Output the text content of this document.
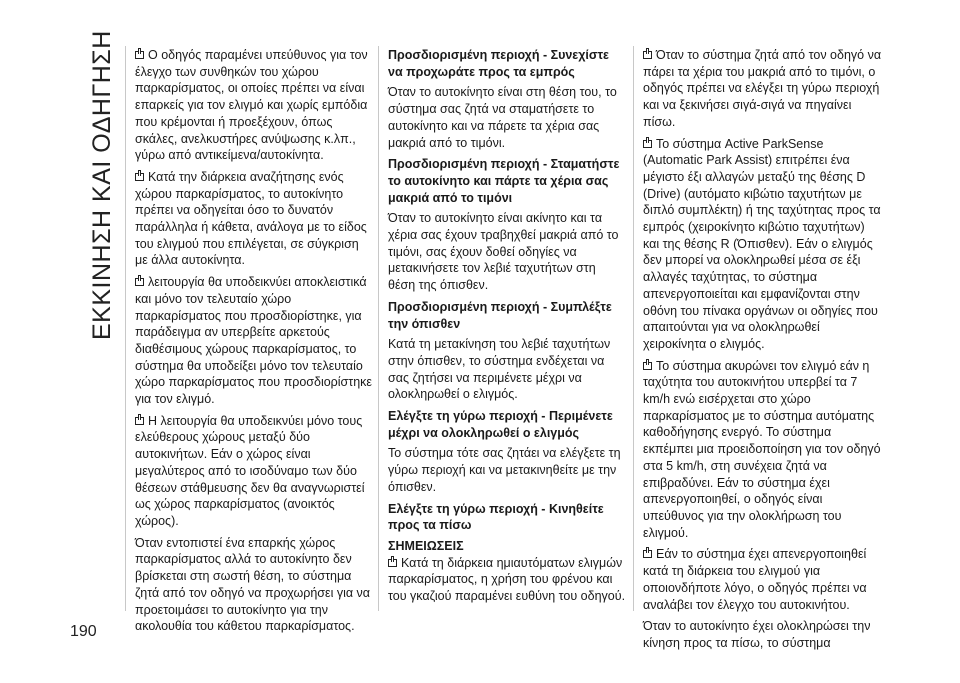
ΕΚΚΙΝΗΣΗ ΚΑΙ ΟΔΗΓΗΣΗ
190

Ο οδηγός παραμένει υπεύθυνος για τον έλεγχο των συνθηκών του χώρου παρκαρίσματος, οι οποίες πρέπει να είναι επαρκείς για τον ελιγμό και χωρίς εμπόδια που κρέμονται ή προεξέχουν, όπως σκάλες, ανελκυστήρες ανύψωσης κ.λπ., γύρω από αντικείμενα/αυτοκίνητα.

Κατά την διάρκεια αναζήτησης ενός χώρου παρκαρίσματος, το αυτοκίνητο πρέπει να οδηγείται όσο το δυνατόν παράλληλα ή κάθετα, ανάλογα με το είδος του ελιγμού που επιλέγεται, σε σύγκριση με άλλα αυτοκίνητα.

λειτουργία θα υποδεικνύει αποκλειστικά και μόνο τον τελευταίο χώρο παρκαρίσματος που προσδιορίστηκε, για παράδειγμα αν υπερβείτε αρκετούς διαθέσιμους χώρους παρκαρίσματος, το σύστημα θα υποδείξει μόνο τον τελευταίο χώρο παρκαρίσματος που προσδιορίστηκε για τον ελιγμό.

Η λειτουργία θα υποδεικνύει μόνο τους ελεύθερους χώρους μεταξύ δύο αυτοκινήτων. Εάν ο χώρος είναι μεγαλύτερος από το ισοδύναμο των δύο θέσεων στάθμευσης δεν θα αναγνωριστεί ως χώρος παρκαρίσματος (ανοικτός χώρος).

Όταν εντοπιστεί ένα επαρκής χώρος παρκαρίσματος αλλά το αυτοκίνητο δεν βρίσκεται στη σωστή θέση, το σύστημα ζητά από τον οδηγό να προχωρήσει για να προετοιμάσει το αυτοκίνητο για την ακολουθία του κάθετου παρκαρίσματος.

Προσδιορισμένη περιοχή - Συνεχίστε να προχωράτε προς τα εμπρός

Όταν το αυτοκίνητο είναι στη θέση του, το σύστημα σας ζητά να σταματήσετε το αυτοκίνητο και να πάρετε τα χέρια σας μακριά από το τιμόνι.

Προσδιορισμένη περιοχή - Σταματήστε το αυτοκίνητο και πάρτε τα χέρια σας μακριά από το τιμόνι

Όταν το αυτοκίνητο είναι ακίνητο και τα χέρια σας έχουν τραβηχθεί μακριά από το τιμόνι, σας έχουν δοθεί οδηγίες να μετακινήσετε τον λεβιέ ταχυτήτων στη θέση της όπισθεν.

Προσδιορισμένη περιοχή - Συμπλέξτε την όπισθεν

Κατά τη μετακίνηση του λεβιέ ταχυτήτων στην όπισθεν, το σύστημα ενδέχεται να σας ζητήσει να περιμένετε μέχρι να ολοκληρωθεί ο ελιγμός.

Ελέγξτε τη γύρω περιοχή - Περιμένετε μέχρι να ολοκληρωθεί ο ελιγμός

Το σύστημα τότε σας ζητάει να ελέγξετε τη γύρω περιοχή και να μετακινηθείτε με την όπισθεν.

Ελέγξτε τη γύρω περιοχή - Κινηθείτε προς τα πίσω
ΣΗΜΕΙΩΣΕΙΣ

Κατά τη διάρκεια ημιαυτόματων ελιγμών παρκαρίσματος, η χρήση του φρένου και του γκαζιού παραμένει ευθύνη του οδηγού.

Όταν το σύστημα ζητά από τον οδηγό να πάρει τα χέρια του μακριά από το τιμόνι, ο οδηγός πρέπει να ελέγξει τη γύρω περιοχή και να ξεκινήσει σιγά-σιγά να πηγαίνει πίσω.

Το σύστημα Active ParkSense (Automatic Park Assist) επιτρέπει ένα μέγιστο έξι αλλαγών μεταξύ της θέσης D (Drive) (αυτόματο κιβώτιο ταχυτήτων με διπλό συμπλέκτη) ή της ταχύτητας προς τα εμπρός (χειροκίνητο κιβώτιο ταχυτήτων) και της θέσης R (Όπισθεν). Εάν ο ελιγμός δεν μπορεί να ολοκληρωθεί μέσα σε έξι αλλαγές ταχύτητας, το σύστημα απενεργοποιείται και εμφανίζονται στην οθόνη του πίνακα οργάνων οι οδηγίες που απαιτούνται για να ολοκληρωθεί χειροκίνητα ο ελιγμός.

Το σύστημα ακυρώνει τον ελιγμό εάν η ταχύτητα του αυτοκινήτου υπερβεί τα 7 km/h ενώ εισέρχεται στο χώρο παρκαρίσματος με το σύστημα αυτόματης καθοδήγησης ενεργό. Το σύστημα εκπέμπει μια προειδοποίηση για τον οδηγό στα 5 km/h, στη συνέχεια ζητά να επιβραδύνει. Εάν το σύστημα έχει απενεργοποιηθεί, ο οδηγός είναι υπεύθυνος για την ολοκλήρωση του ελιγμού.

Εάν το σύστημα έχει απενεργοποιηθεί κατά τη διάρκεια του ελιγμού για οποιονδήποτε λόγο, ο οδηγός πρέπει να αναλάβει τον έλεγχο του αυτοκινήτου.

Όταν το αυτοκίνητο έχει ολοκληρώσει την κίνηση προς τα πίσω, το σύστημα
